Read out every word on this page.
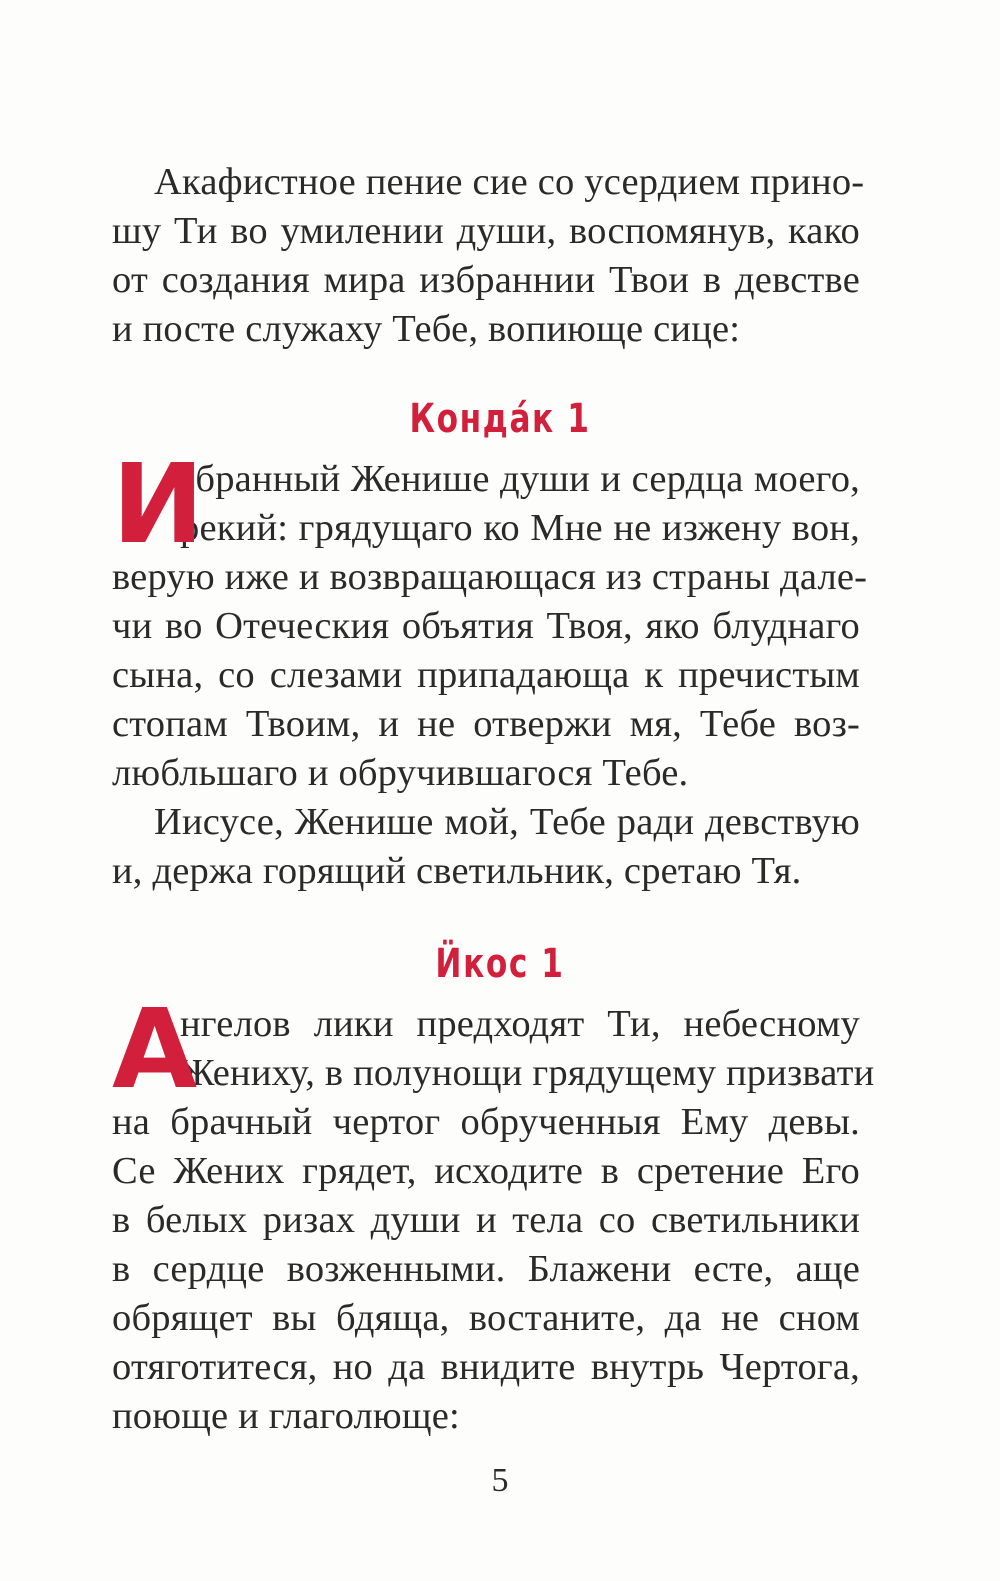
Акафистное пение сие со усердием прино-
шу Ти во умилении души, воспомянув, како
от создания мира избраннии Твои в девстве
и посте служаху Тебе, вопиюще сице:
Кондáк 1
И
збранный Женише души и сердца моего,
рекий: грядущаго ко Мне не изжену вон,
верую иже и возвращающася из страны дале-
чи во Отеческия объятия Твоя, яко блуднаго
сына, со слезами припадающа к пречистым
стопам Твоим, и не отвержи мя, Тебе воз-
любльшаго и обручившагося Тебе.
Иисусе, Женише мой, Тебе ради девствую
и, держа горящий светильник, сретаю Тя.
Ӥкос 1
А
нгелов лики предходят Ти, небесному
Жениху, в полунощи грядущему призвати
на брачный чертог обрученныя Ему девы.
Се Жених грядет, исходите в сретение Его
в белых ризах души и тела со светильники
в сердце возженными. Блажени есте, аще
обрящет вы бдяща, востаните, да не сном
отяготитеся, но да внидите внутрь Чертога,
поюще и глаголюще:
5
